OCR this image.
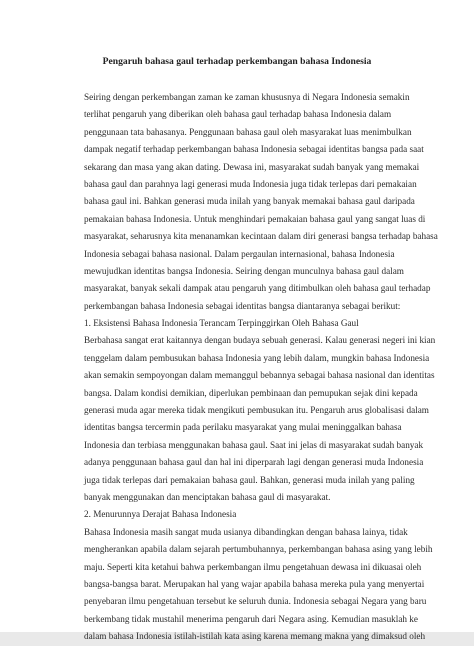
Pengaruh bahasa gaul terhadap perkembangan bahasa Indonesia
Seiring dengan perkembangan zaman ke zaman khususnya di Negara Indonesia semakin
terlihat pengaruh yang diberikan oleh bahasa gaul terhadap bahasa Indonesia dalam
penggunaan tata bahasanya. Penggunaan bahasa gaul oleh masyarakat luas menimbulkan
dampak negatif terhadap perkembangan bahasa Indonesia sebagai identitas bangsa pada saat
sekarang dan masa yang akan dating. Dewasa ini, masyarakat sudah banyak yang memakai
bahasa gaul dan parahnya lagi generasi muda Indonesia juga tidak terlepas dari pemakaian
bahasa gaul ini. Bahkan generasi muda inilah yang banyak memakai bahasa gaul daripada
pemakaian bahasa Indonesia. Untuk menghindari pemakaian bahasa gaul yang sangat luas di
masyarakat, seharusnya kita menanamkan kecintaan dalam diri generasi bangsa terhadap bahasa
Indonesia sebagai bahasa nasional. Dalam pergaulan internasional, bahasa Indonesia
mewujudkan identitas bangsa Indonesia. Seiring dengan munculnya bahasa gaul dalam
masyarakat, banyak sekali dampak atau pengaruh yang ditimbulkan oleh bahasa gaul terhadap
perkembangan bahasa Indonesia sebagai identitas bangsa diantaranya sebagai berikut:
1. Eksistensi Bahasa Indonesia Terancam Terpinggirkan Oleh Bahasa Gaul
Berbahasa sangat erat kaitannya dengan budaya sebuah generasi. Kalau generasi negeri ini kian
tenggelam dalam pembusukan bahasa Indonesia yang lebih dalam, mungkin bahasa Indonesia
akan semakin sempoyongan dalam memanggul bebannya sebagai bahasa nasional dan identitas
bangsa. Dalam kondisi demikian, diperlukan pembinaan dan pemupukan sejak dini kepada
generasi muda agar mereka tidak mengikuti pembusukan itu. Pengaruh arus globalisasi dalam
identitas bangsa tercermin pada perilaku masyarakat yang mulai meninggalkan bahasa
Indonesia dan terbiasa menggunakan bahasa gaul. Saat ini jelas di masyarakat sudah banyak
adanya penggunaan bahasa gaul dan hal ini diperparah lagi dengan generasi muda Indonesia
juga tidak terlepas dari pemakaian bahasa gaul. Bahkan, generasi muda inilah yang paling
banyak menggunakan dan menciptakan bahasa gaul di masyarakat.
2. Menurunnya Derajat Bahasa Indonesia
Bahasa Indonesia masih sangat muda usianya dibandingkan dengan bahasa lainya, tidak
mengherankan apabila dalam sejarah pertumbuhannya, perkembangan bahasa asing yang lebih
maju. Seperti kita ketahui bahwa perkembangan ilmu pengetahuan dewasa ini dikuasai oleh
bangsa-bangsa barat. Merupakan hal yang wajar apabila bahasa mereka pula yang menyertai
penyebaran ilmu pengetahuan tersebut ke seluruh dunia. Indonesia sebagai Negara yang baru
berkembang tidak mustahil menerima pengaruh dari Negara asing. Kemudian masuklah ke
dalam bahasa Indonesia istilah-istilah kata asing karena memang makna yang dimaksud oleh
